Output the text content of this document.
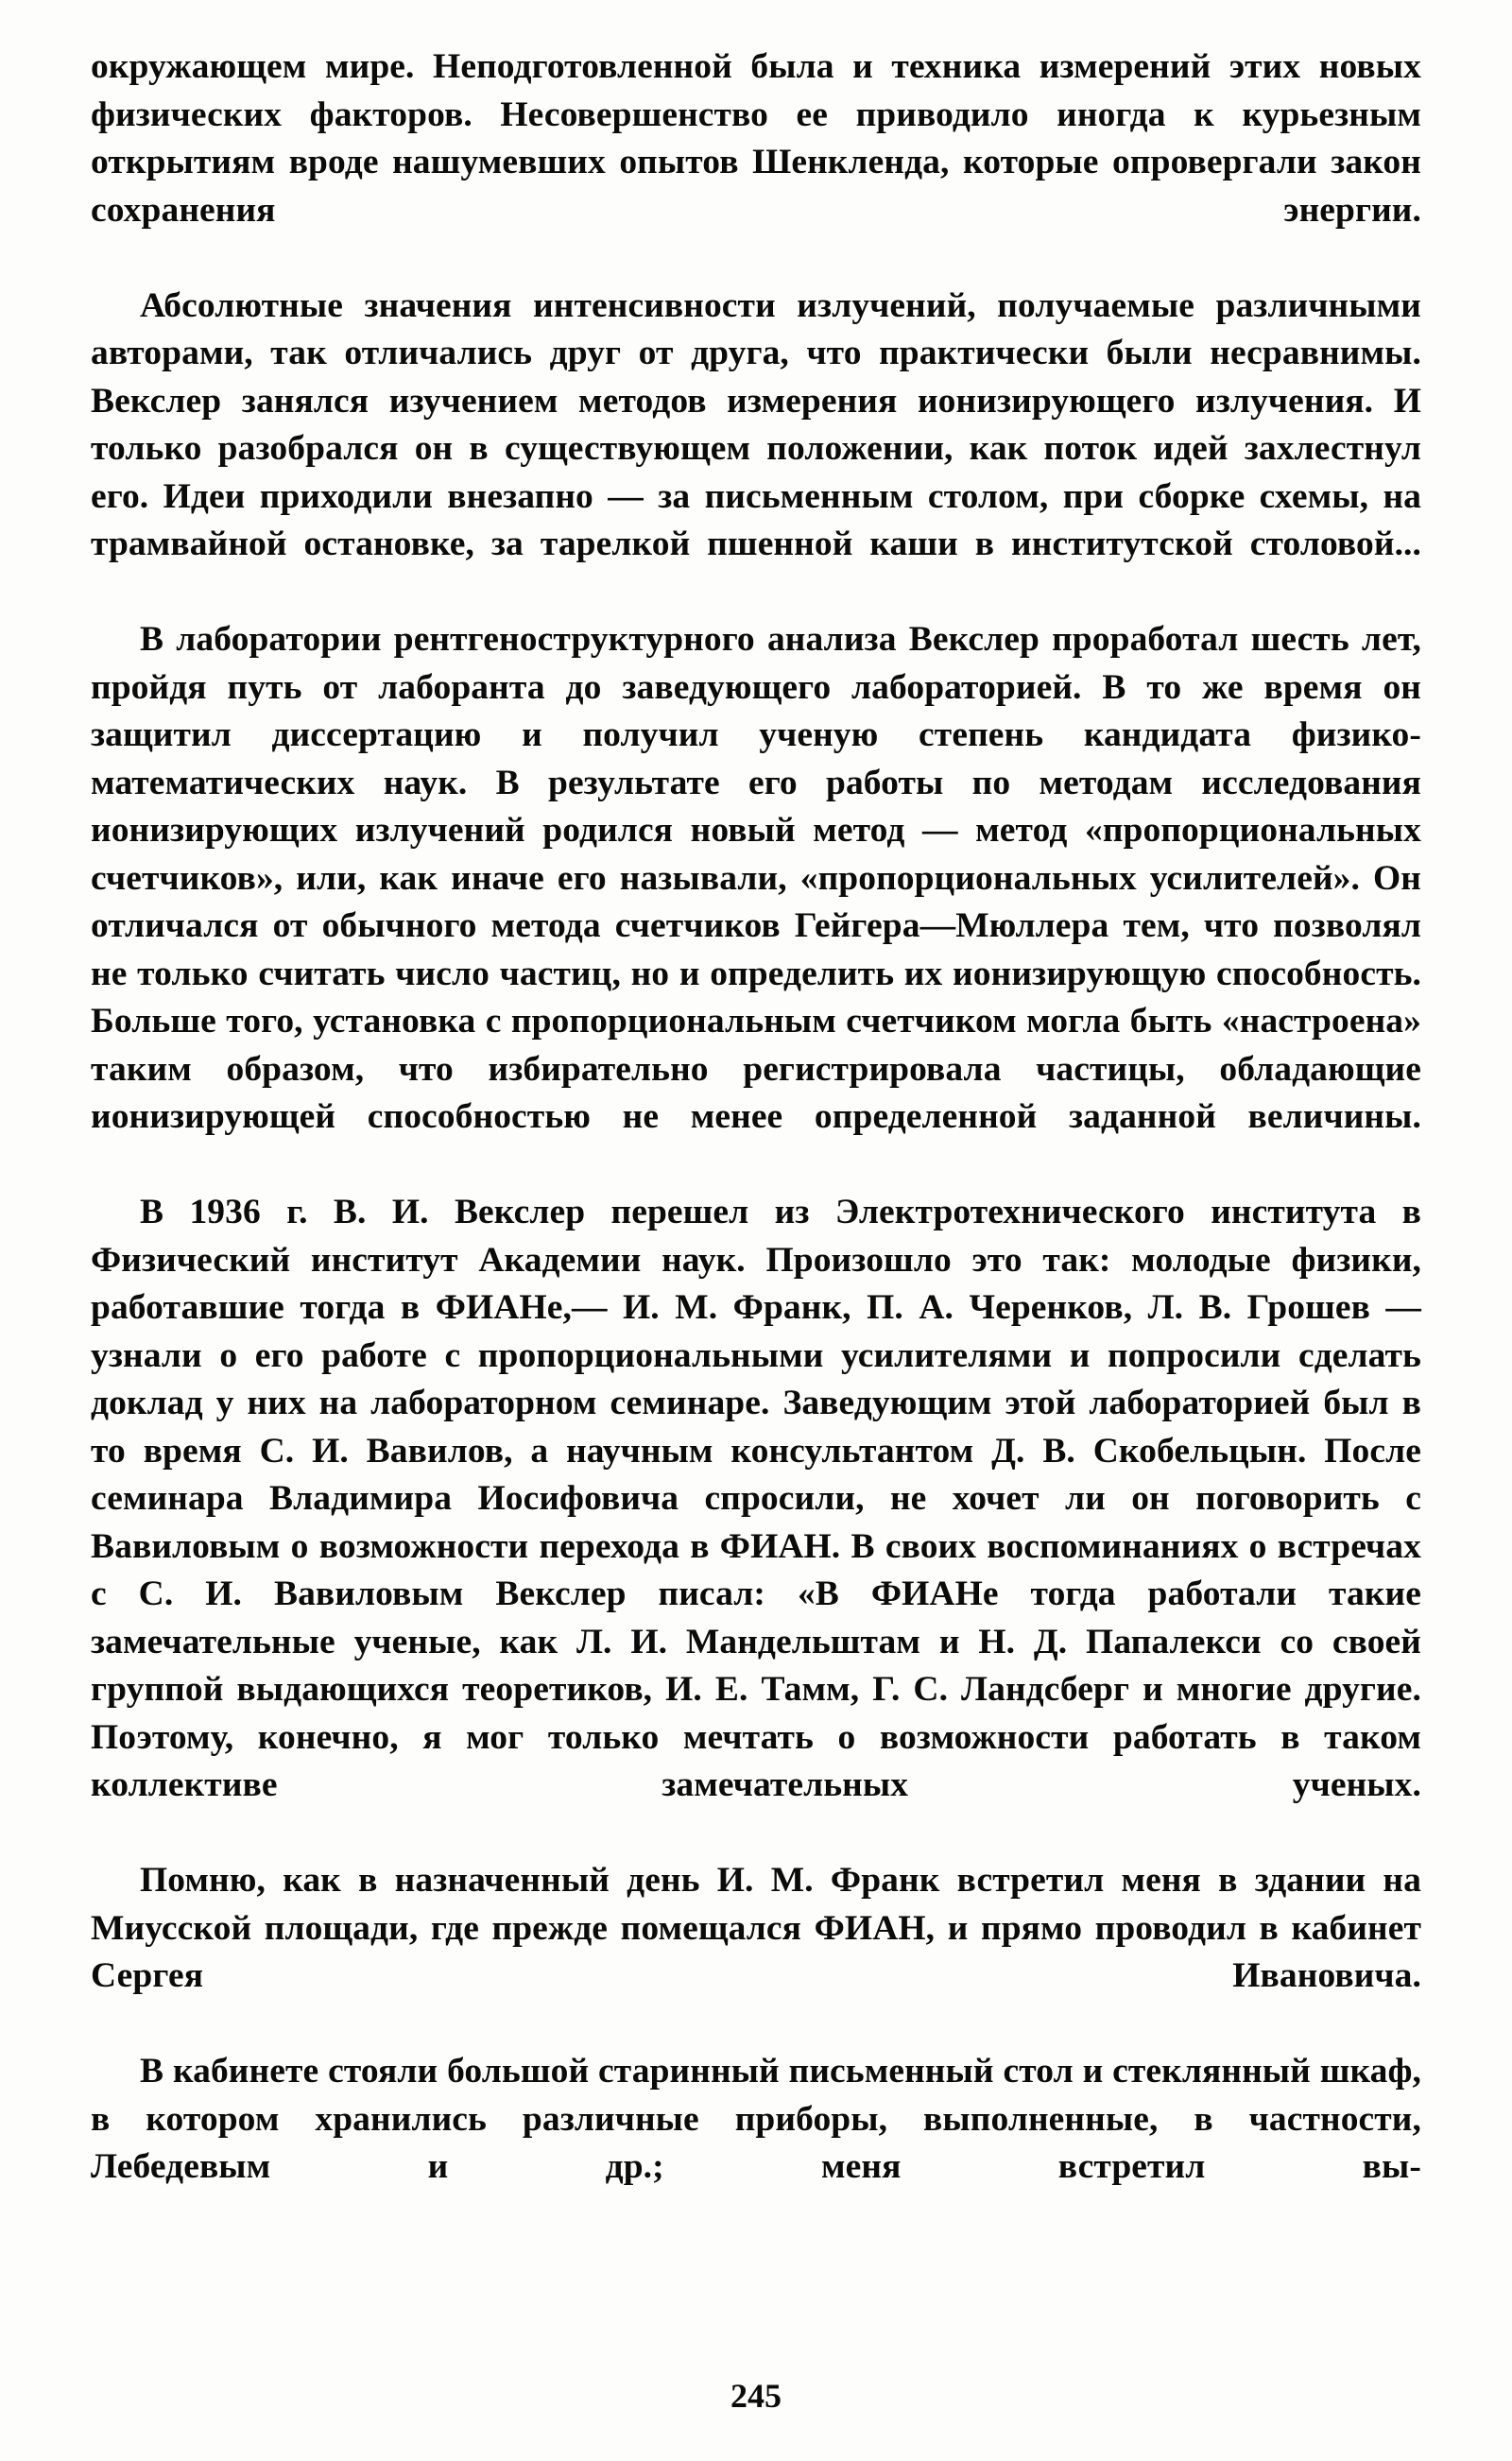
окружающем мире. Неподготовленной была и техника измерений этих новых физических факторов. Несовершенство ее приводило иногда к курьезным открытиям вроде нашумевших опытов Шенкленда, которые опровергали закон сохранения энергии.

Абсолютные значения интенсивности излучений, получаемые различными авторами, так отличались друг от друга, что практически были несравнимы. Векслер занялся изучением методов измерения ионизирующего излучения. И только разобрался он в существующем положении, как поток идей захлестнул его. Идеи приходили внезапно — за письменным столом, при сборке схемы, на трамвайной остановке, за тарелкой пшенной каши в институтской столовой...

В лаборатории рентгеноструктурного анализа Векслер проработал шесть лет, пройдя путь от лаборанта до заведующего лабораторией. В то же время он защитил диссертацию и получил ученую степень кандидата физико-математических наук. В результате его работы по методам исследования ионизирующих излучений родился новый метод — метод «пропорциональных счетчиков», или, как иначе его называли, «пропорциональных усилителей». Он отличался от обычного метода счетчиков Гейгера—Мюллера тем, что позволял не только считать число частиц, но и определить их ионизирующую способность. Больше того, установка с пропорциональным счетчиком могла быть «настроена» таким образом, что избирательно регистрировала частицы, обладающие ионизирующей способностью не менее определенной заданной величины.

В 1936 г. В. И. Векслер перешел из Электротехнического института в Физический институт Академии наук. Произошло это так: молодые физики, работавшие тогда в ФИАНе,— И. М. Франк, П. А. Черенков, Л. В. Грошев — узнали о его работе с пропорциональными усилителями и попросили сделать доклад у них на лабораторном семинаре. Заведующим этой лабораторией был в то время С. И. Вавилов, а научным консультантом Д. В. Скобельцын. После семинара Владимира Иосифовича спросили, не хочет ли он поговорить с Вавиловым о возможности перехода в ФИАН. В своих воспоминаниях о встречах с С. И. Вавиловым Векслер писал: «В ФИАНе тогда работали такие замечательные ученые, как Л. И. Мандельштам и Н. Д. Папалекси со своей группой выдающихся теоретиков, И. Е. Тамм, Г. С. Ландсберг и многие другие. Поэтому, конечно, я мог только мечтать о возможности работать в таком коллективе замечательных ученых.

Помню, как в назначенный день И. М. Франк встретил меня в здании на Миусской площади, где прежде помещался ФИАН, и прямо проводил в кабинет Сергея Ивановича.

В кабинете стояли большой старинный письменный стол и стеклянный шкаф, в котором хранились различные приборы, выполненные, в частности, Лебедевым и др.; меня встретил вы-

245
